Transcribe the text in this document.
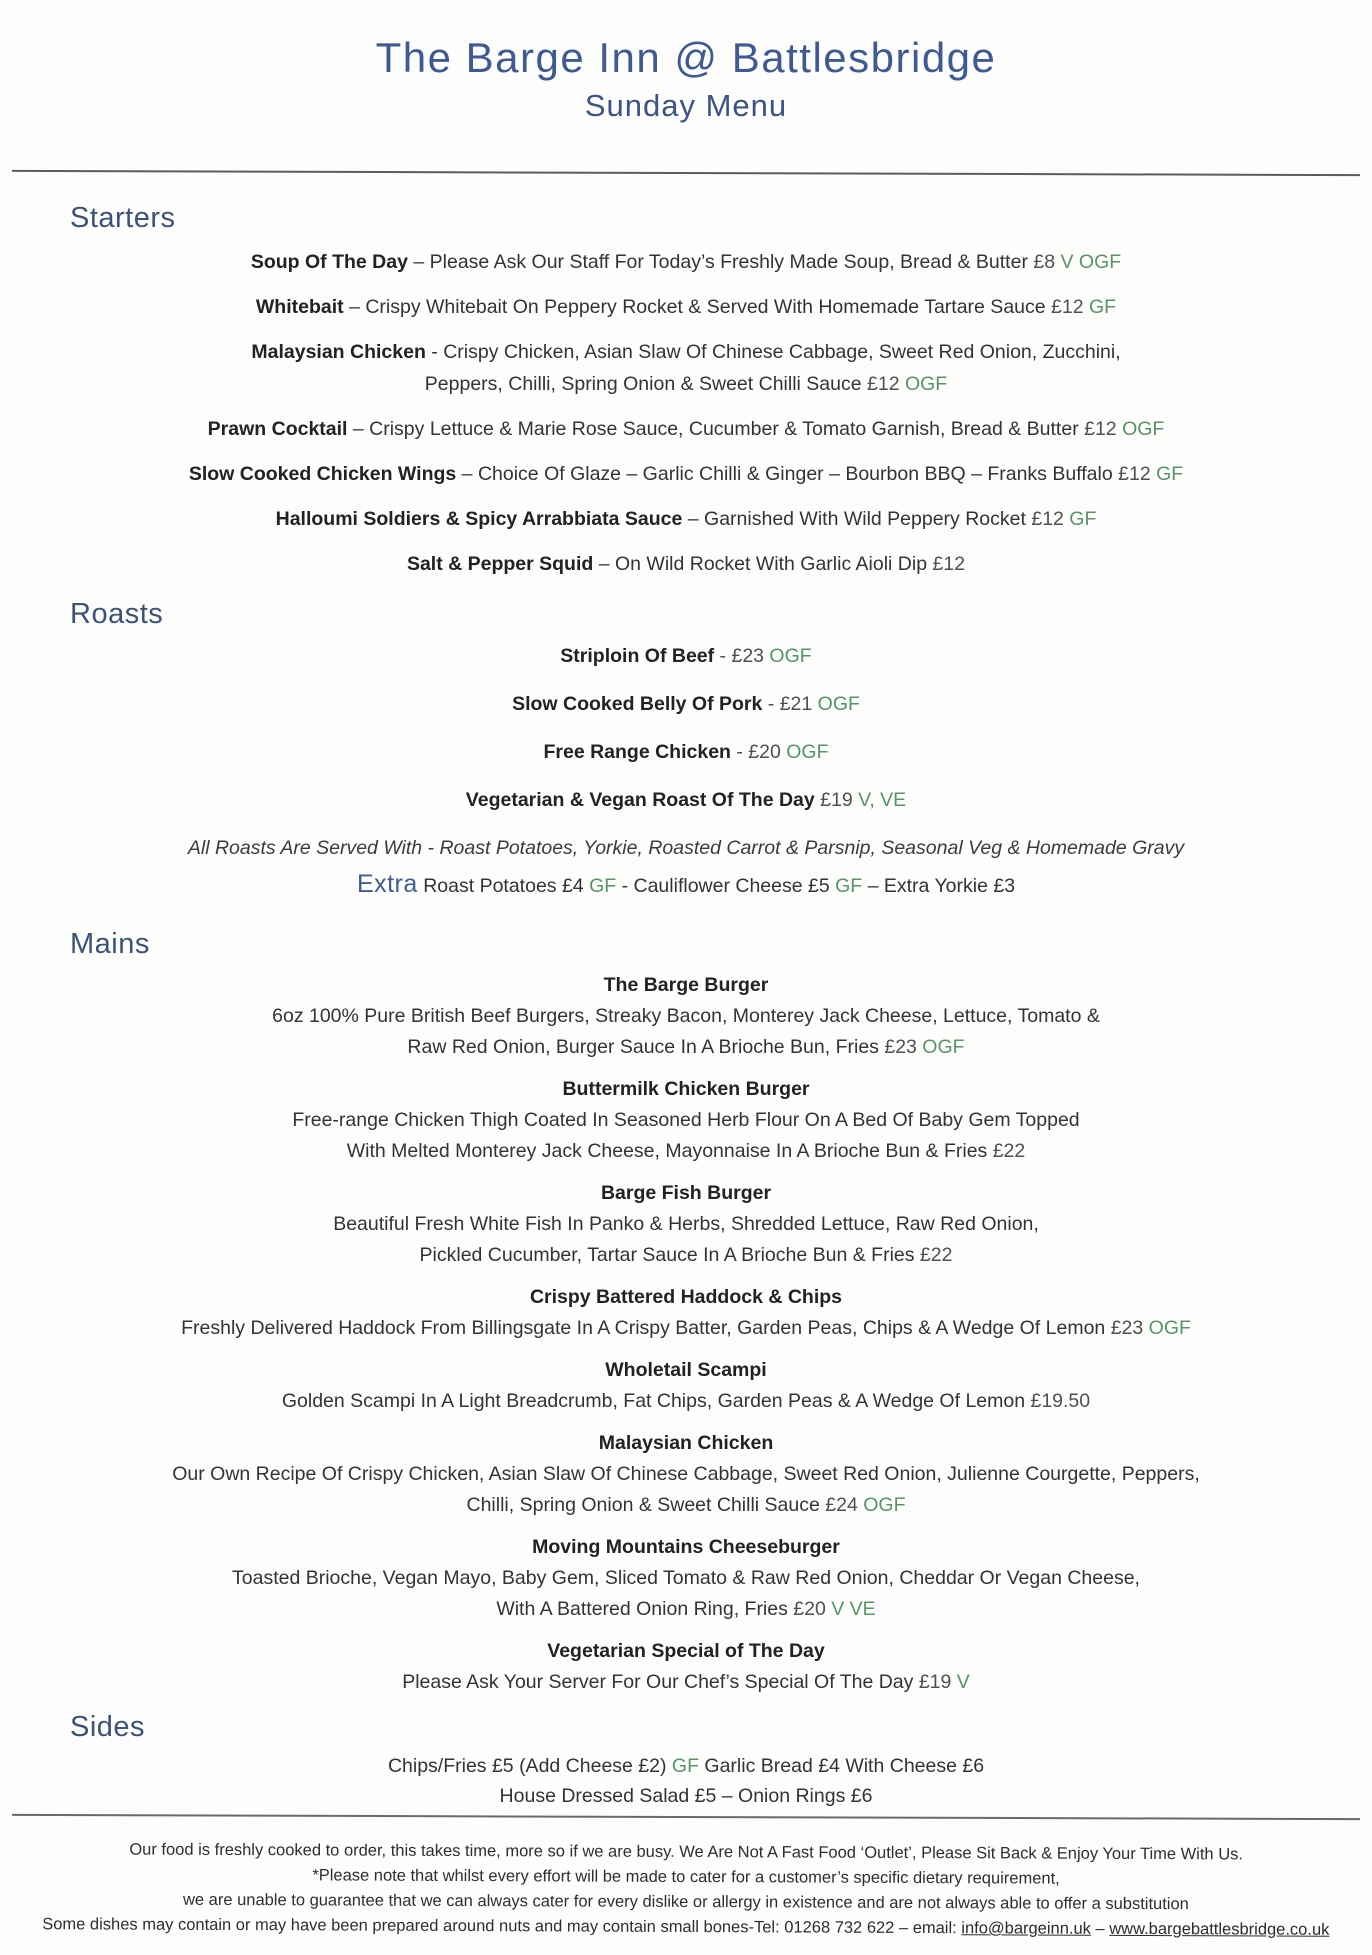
The Barge Inn @ Battlesbridge
Sunday Menu
Starters
Soup Of The Day – Please Ask Our Staff For Today’s Freshly Made Soup, Bread & Butter £8 V OGF
Whitebait – Crispy Whitebait On Peppery Rocket & Served With Homemade Tartare Sauce £12 GF
Malaysian Chicken - Crispy Chicken, Asian Slaw Of Chinese Cabbage, Sweet Red Onion, Zucchini,
Peppers, Chilli, Spring Onion & Sweet Chilli Sauce £12 OGF
Prawn Cocktail – Crispy Lettuce & Marie Rose Sauce, Cucumber & Tomato Garnish, Bread & Butter £12 OGF
Slow Cooked Chicken Wings – Choice Of Glaze – Garlic Chilli & Ginger – Bourbon BBQ – Franks Buffalo £12 GF
Halloumi Soldiers & Spicy Arrabbiata Sauce – Garnished With Wild Peppery Rocket £12 GF
Salt & Pepper Squid – On Wild Rocket With Garlic Aioli Dip £12
Roasts
Striploin Of Beef - £23 OGF
Slow Cooked Belly Of Pork - £21 OGF
Free Range Chicken - £20 OGF
Vegetarian & Vegan Roast Of The Day £19 V, VE
All Roasts Are Served With - Roast Potatoes, Yorkie, Roasted Carrot & Parsnip, Seasonal Veg & Homemade Gravy
Extra Roast Potatoes £4 GF - Cauliflower Cheese £5 GF – Extra Yorkie £3
Mains
The Barge Burger
6oz 100% Pure British Beef Burgers, Streaky Bacon, Monterey Jack Cheese, Lettuce, Tomato &
Raw Red Onion, Burger Sauce In A Brioche Bun, Fries £23 OGF
Buttermilk Chicken Burger
Free-range Chicken Thigh Coated In Seasoned Herb Flour On A Bed Of Baby Gem Topped
With Melted Monterey Jack Cheese, Mayonnaise In A Brioche Bun & Fries £22
Barge Fish Burger
Beautiful Fresh White Fish In Panko & Herbs, Shredded Lettuce, Raw Red Onion,
Pickled Cucumber, Tartar Sauce In A Brioche Bun & Fries £22
Crispy Battered Haddock & Chips
Freshly Delivered Haddock From Billingsgate In A Crispy Batter, Garden Peas, Chips & A Wedge Of Lemon £23 OGF
Wholetail Scampi
Golden Scampi In A Light Breadcrumb, Fat Chips, Garden Peas & A Wedge Of Lemon £19.50
Malaysian Chicken
Our Own Recipe Of Crispy Chicken, Asian Slaw Of Chinese Cabbage, Sweet Red Onion, Julienne Courgette, Peppers,
Chilli, Spring Onion & Sweet Chilli Sauce £24 OGF
Moving Mountains Cheeseburger
Toasted Brioche, Vegan Mayo, Baby Gem, Sliced Tomato & Raw Red Onion, Cheddar Or Vegan Cheese,
With A Battered Onion Ring, Fries £20 V VE
Vegetarian Special of The Day
Please Ask Your Server For Our Chef’s Special Of The Day £19 V
Sides
Chips/Fries £5 (Add Cheese £2) GF Garlic Bread £4 With Cheese £6
House Dressed Salad £5 – Onion Rings £6
Our food is freshly cooked to order, this takes time, more so if we are busy. We Are Not A Fast Food ‘Outlet’, Please Sit Back & Enjoy Your Time With Us.
*Please note that whilst every effort will be made to cater for a customer’s specific dietary requirement,
we are unable to guarantee that we can always cater for every dislike or allergy in existence and are not always able to offer a substitution
Some dishes may contain or may have been prepared around nuts and may contain small bones-Tel: 01268 732 622 – email: info@bargeinn.uk – www.bargebattlesbridge.co.uk
